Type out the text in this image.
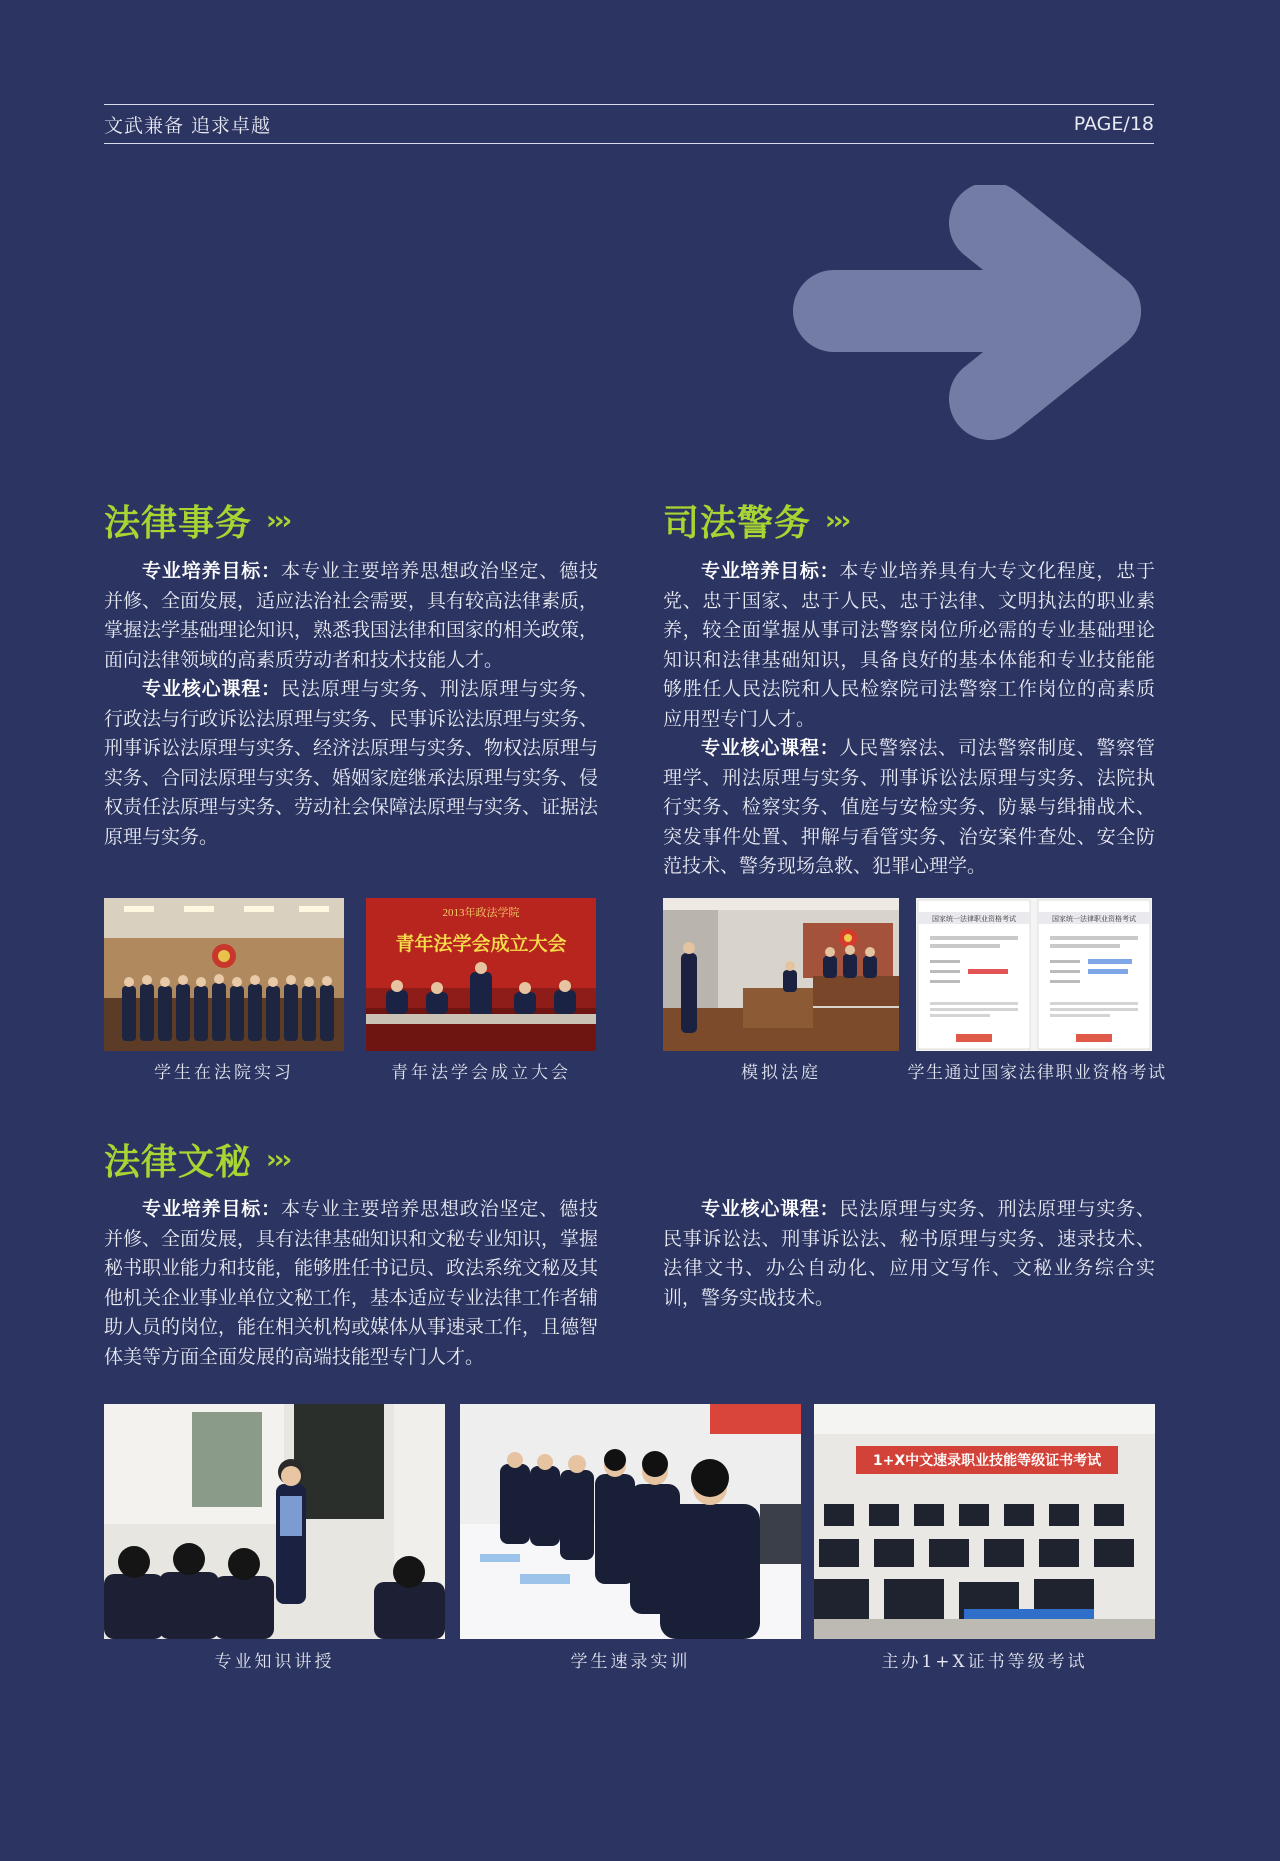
文武兼备 追求卓越	PAGE/18
法律事务 ›››

专业培养目标：本专业主要培养思想政治坚定、德技并修、全面发展，适应法治社会需要，具有较高法律素质，掌握法学基础理论知识，熟悉我国法律和国家的相关政策，面向法律领域的高素质劳动者和技术技能人才。

专业核心课程：民法原理与实务、刑法原理与实务、行政法与行政诉讼法原理与实务、民事诉讼法原理与实务、刑事诉讼法原理与实务、经济法原理与实务、物权法原理与实务、合同法原理与实务、婚姻家庭继承法原理与实务、侵权责任法原理与实务、劳动社会保障法原理与实务、证据法原理与实务。

学生在法院实习
2013年政法学院
青年法学会成立大会
青年法学会成立大会
司法警务 ›››

专业培养目标：本专业培养具有大专文化程度，忠于党、忠于国家、忠于人民、忠于法律、文明执法的职业素养，较全面掌握从事司法警察岗位所必需的专业基础理论知识和法律基础知识，具备良好的基本体能和专业技能能够胜任人民法院和人民检察院司法警察工作岗位的高素质应用型专门人才。

专业核心课程：人民警察法、司法警察制度、警察管理学、刑法原理与实务、刑事诉讼法原理与实务、法院执行实务、检察实务、值庭与安检实务、防暴与缉捕战术、突发事件处置、押解与看管实务、治安案件查处、安全防范技术、警务现场急救、犯罪心理学。

模拟法庭
国家统一法律职业资格考试	国家统一法律职业资格考试
学生通过国家法律职业资格考试
法律文秘 ›››

专业培养目标：本专业主要培养思想政治坚定、德技并修、全面发展，具有法律基础知识和文秘专业知识，掌握秘书职业能力和技能，能够胜任书记员、政法系统文秘及其他机关企业事业单位文秘工作，基本适应专业法律工作者辅助人员的岗位，能在相关机构或媒体从事速录工作，且德智体美等方面全面发展的高端技能型专门人才。

专业核心课程：民法原理与实务、刑法原理与实务、民事诉讼法、刑事诉讼法、秘书原理与实务、速录技术、法律文书、办公自动化、应用文写作、文秘业务综合实训，警务实战技术。

专业知识讲授	学生速录实训
1+X中文速录职业技能等级证书考试
主办1+X证书等级考试
